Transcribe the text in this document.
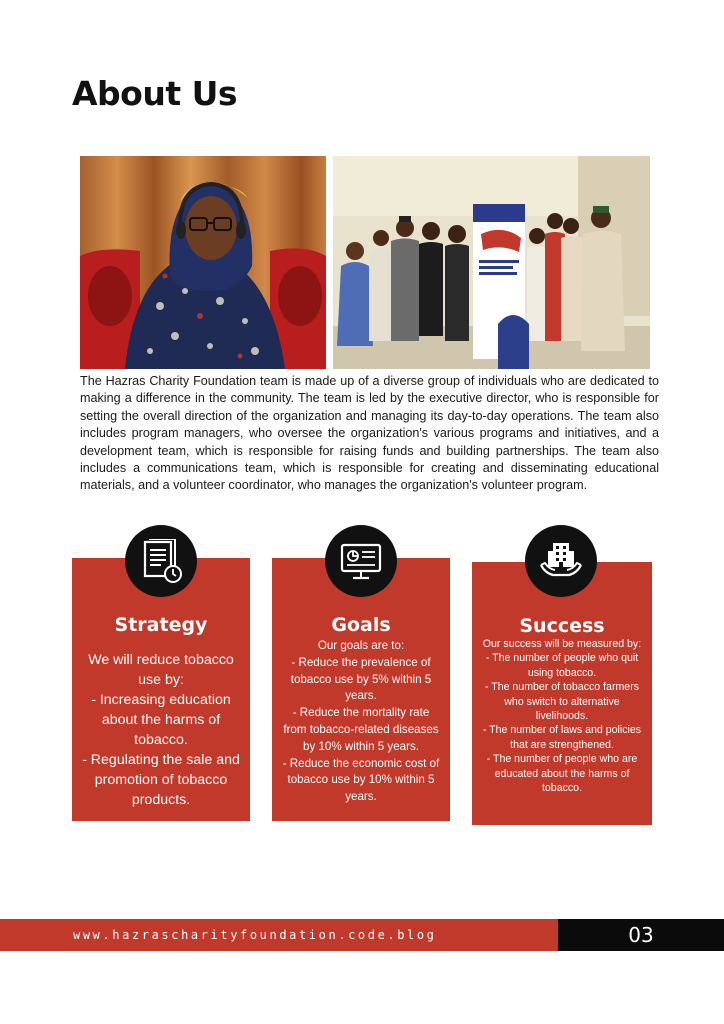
About Us

The Hazras Charity Foundation team is made up of a diverse group of individuals who are dedicated to making a difference in the community. The team is led by the executive director, who is responsible for setting the overall direction of the organization and managing its day-to-day operations. The team also includes program managers, who oversee the organization's various programs and initiatives, and a development team, which is responsible for raising funds and building partnerships. The team also includes a communications team, which is responsible for creating and disseminating educational materials, and a volunteer coordinator, who manages the organization's volunteer program.

Strategy
We will reduce tobacco use by:
- Increasing education about the harms of tobacco.
- Regulating the sale and promotion of tobacco products.
Goals
Our goals are to:
- Reduce the prevalence of tobacco use by 5% within 5 years.
- Reduce the mortality rate from tobacco-related diseases by 10% within 5 years.
- Reduce the economic cost of tobacco use by 10% within 5 years.
Success
Our success will be measured by:
- The number of people who quit using tobacco.
- The number of tobacco farmers who switch to alternative livelihoods.
- The number of laws and policies that are strengthened.
- The number of people who are educated about the harms of tobacco.
www.hazrascharityfoundation.code.blog	03
